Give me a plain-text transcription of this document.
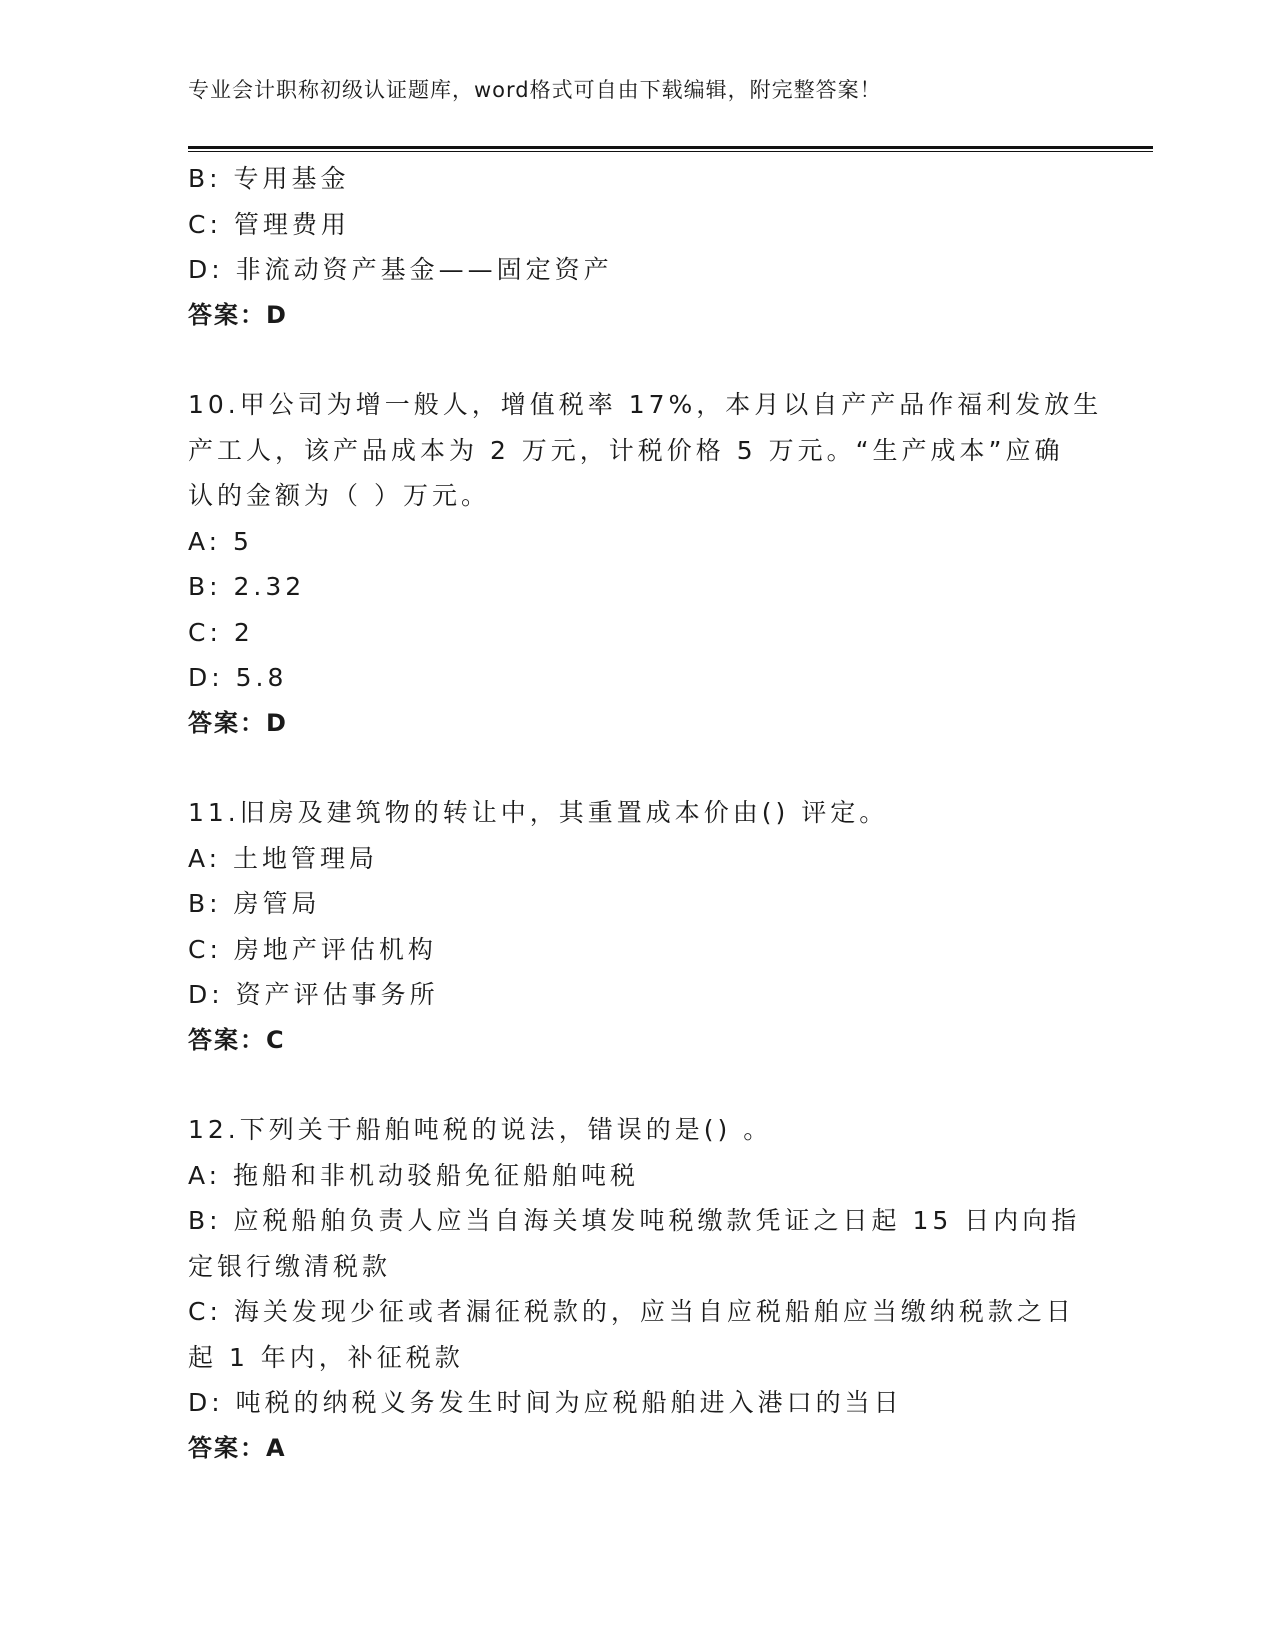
专业会计职称初级认证题库，word格式可自由下载编辑，附完整答案！
B: 专用基金
C: 管理费用
D: 非流动资产基金——固定资产
答案：D
10.甲公司为增一般人，增值税率 17%，本月以自产产品作福利发放生
产工人，该产品成本为 2 万元，计税价格 5 万元。“生产成本”应确
认的金额为（ ）万元。
A: 5
B: 2.32
C: 2
D: 5.8
答案：D
11.旧房及建筑物的转让中，其重置成本价由() 评定。
A: 土地管理局
B: 房管局
C: 房地产评估机构
D: 资产评估事务所
答案：C
12.下列关于船舶吨税的说法，错误的是() 。
A: 拖船和非机动驳船免征船舶吨税
B: 应税船舶负责人应当自海关填发吨税缴款凭证之日起 15 日内向指
定银行缴清税款
C: 海关发现少征或者漏征税款的，应当自应税船舶应当缴纳税款之日
起 1 年内，补征税款
D: 吨税的纳税义务发生时间为应税船舶进入港口的当日
答案：A
